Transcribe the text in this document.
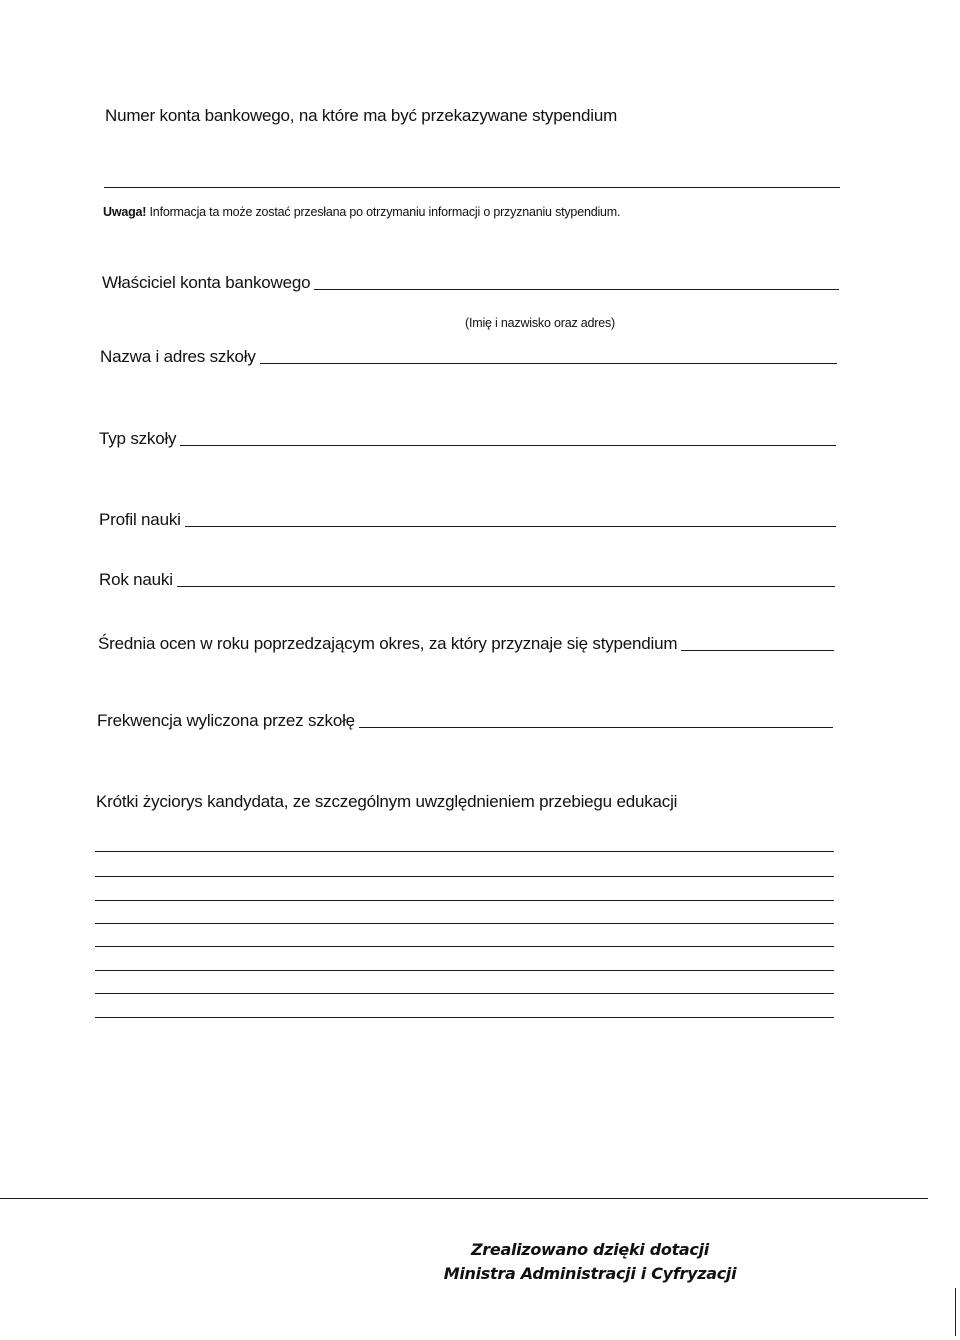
Numer konta bankowego, na które ma być przekazywane stypendium
Uwaga! Informacja ta może zostać przesłana po otrzymaniu informacji o przyznaniu stypendium.
Właściciel konta bankowego
(Imię i nazwisko oraz adres)
Nazwa i adres szkoły
Typ szkoły
Profil nauki
Rok nauki
Średnia ocen w roku poprzedzającym okres, za który przyznaje się stypendium
Frekwencja wyliczona przez szkołę
Krótki życiorys kandydata, ze szczególnym uwzględnieniem przebiegu edukacji
Zrealizowano dzięki dotacji
Ministra Administracji i Cyfryzacji
